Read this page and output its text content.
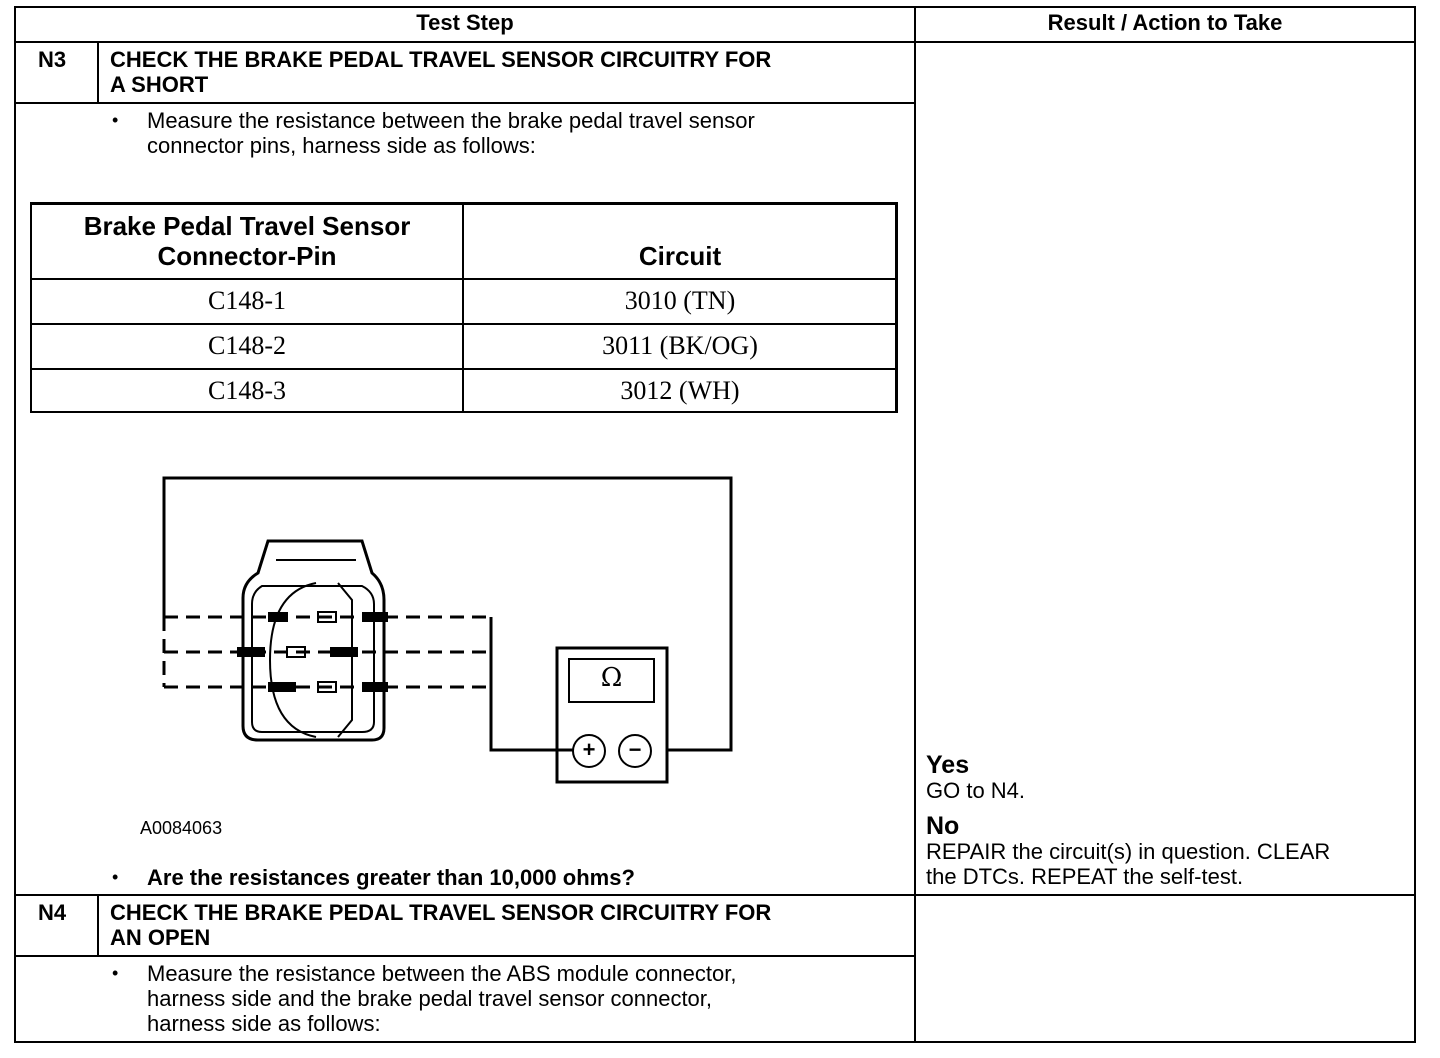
Test Step	Result / Action to Take
N3 CHECK THE BRAKE PEDAL TRAVEL SENSOR CIRCUITRY FOR
A SHORT
• Measure the resistance between the brake pedal travel sensor
connector pins, harness side as follows:
Brake Pedal Travel Sensor
Connector-Pin	Circuit
C148-1	3010 (TN)
C148-2	3011 (BK/OG)
C148-3	3012 (WH)
Ω
+	−
A0084063
• Are the resistances greater than 10,000 ohms?
Yes
GO to N4.
No
REPAIR the circuit(s) in question. CLEAR
the DTCs. REPEAT the self-test.
N4 CHECK THE BRAKE PEDAL TRAVEL SENSOR CIRCUITRY FOR
AN OPEN
• Measure the resistance between the ABS module connector,
harness side and the brake pedal travel sensor connector,
harness side as follows:
